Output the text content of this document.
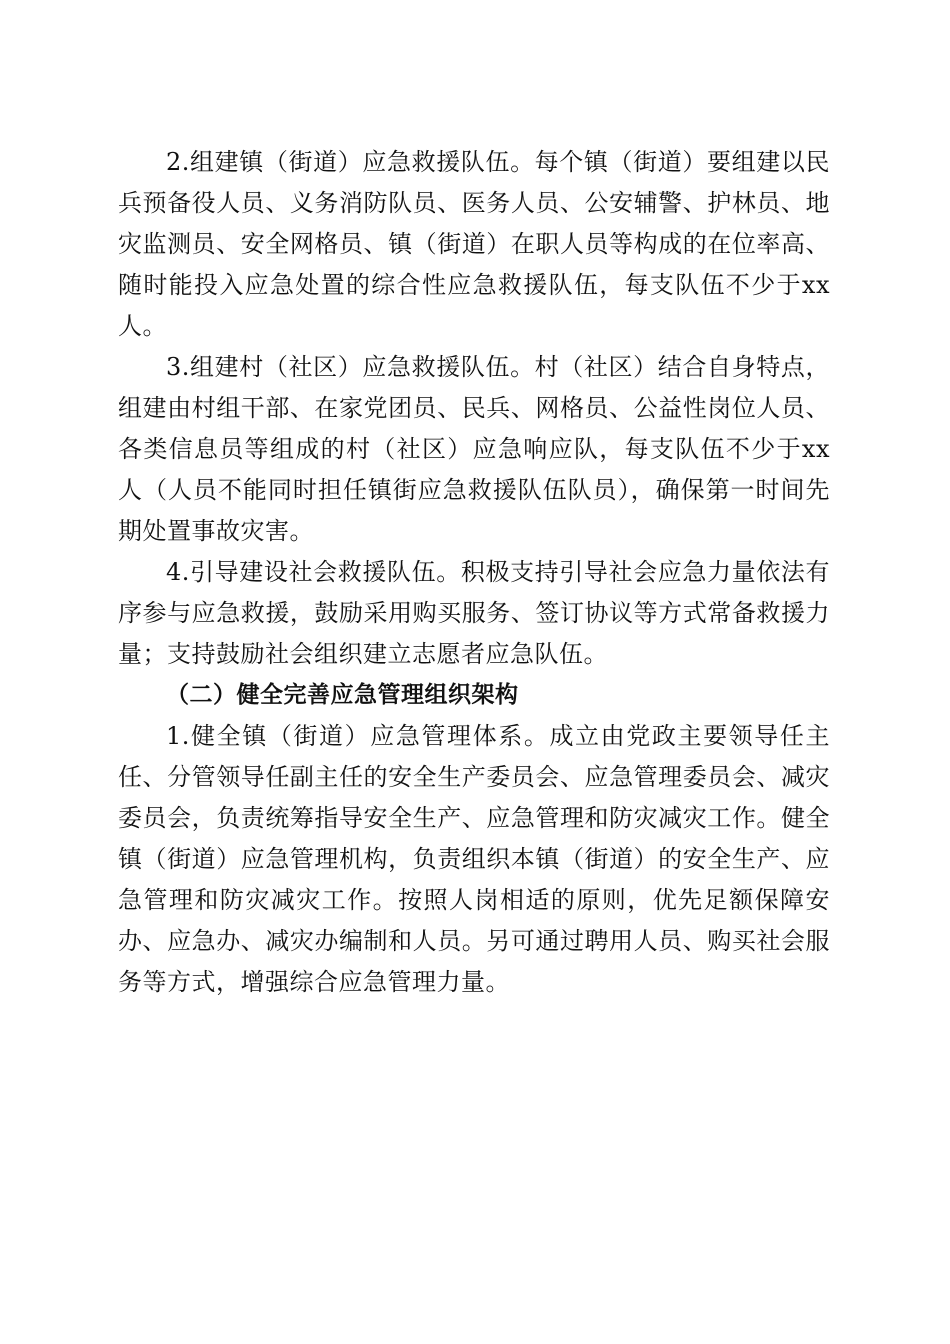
2.组建镇（街道）应急救援队伍。每个镇（街道）要组建以民兵预备役人员、义务消防队员、医务人员、公安辅警、护林员、地灾监测员、安全网格员、镇（街道）在职人员等构成的在位率高、随时能投入应急处置的综合性应急救援队伍，每支队伍不少于xx人。

3.组建村（社区）应急救援队伍。村（社区）结合自身特点，组建由村组干部、在家党团员、民兵、网格员、公益性岗位人员、各类信息员等组成的村（社区）应急响应队，每支队伍不少于xx人（人员不能同时担任镇街应急救援队伍队员），确保第一时间先期处置事故灾害。

4.引导建设社会救援队伍。积极支持引导社会应急力量依法有序参与应急救援，鼓励采用购买服务、签订协议等方式常备救援力量；支持鼓励社会组织建立志愿者应急队伍。

（二）健全完善应急管理组织架构

1.健全镇（街道）应急管理体系。成立由党政主要领导任主任、分管领导任副主任的安全生产委员会、应急管理委员会、减灾委员会，负责统筹指导安全生产、应急管理和防灾减灾工作。健全镇（街道）应急管理机构，负责组织本镇（街道）的安全生产、应急管理和防灾减灾工作。按照人岗相适的原则，优先足额保障安办、应急办、减灾办编制和人员。另可通过聘用人员、购买社会服务等方式，增强综合应急管理力量。
